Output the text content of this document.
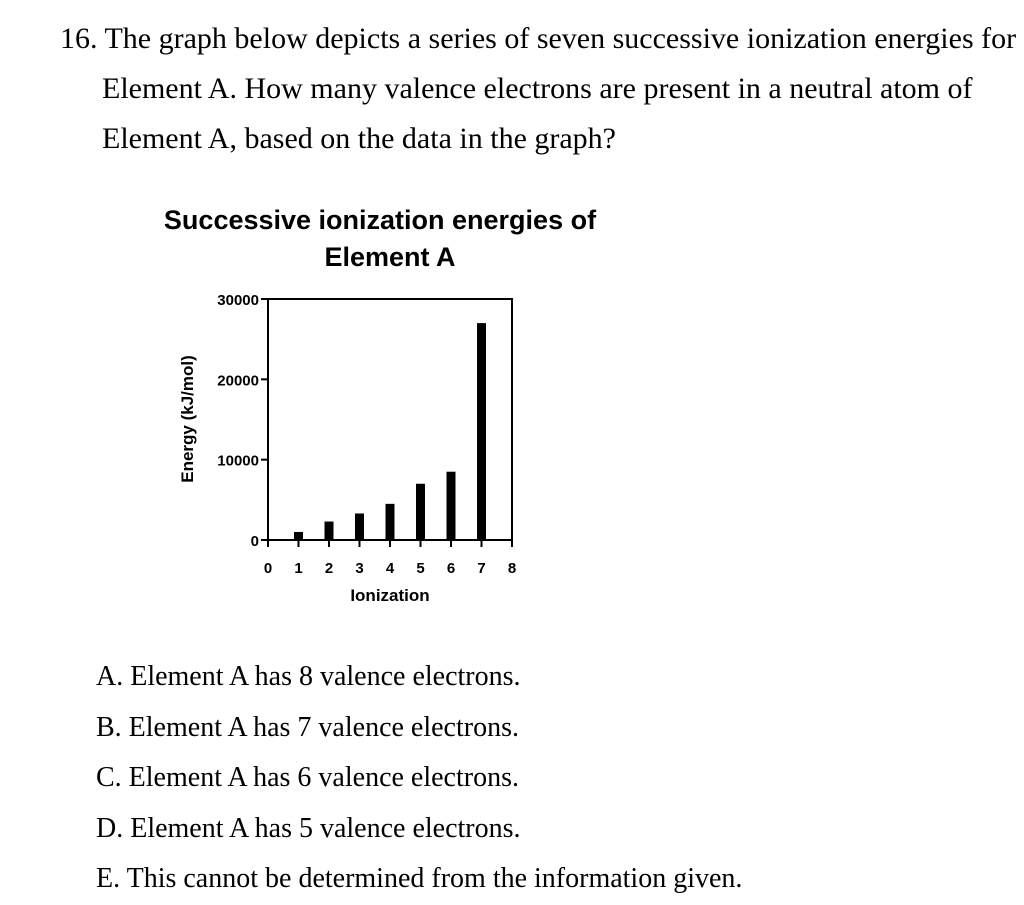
16. The graph below depicts a series of seven successive ionization energies for
Element A. How many valence electrons are present in a neutral atom of
Element A, based on the data in the graph?
Successive ionization energies of
Element A
Energy (kJ/mol)
Ionization
0
10000
20000
30000
0 1 2 3 4 5 6 7 8
A. Element A has 8 valence electrons.
B. Element A has 7 valence electrons.
C. Element A has 6 valence electrons.
D. Element A has 5 valence electrons.
E. This cannot be determined from the information given.
